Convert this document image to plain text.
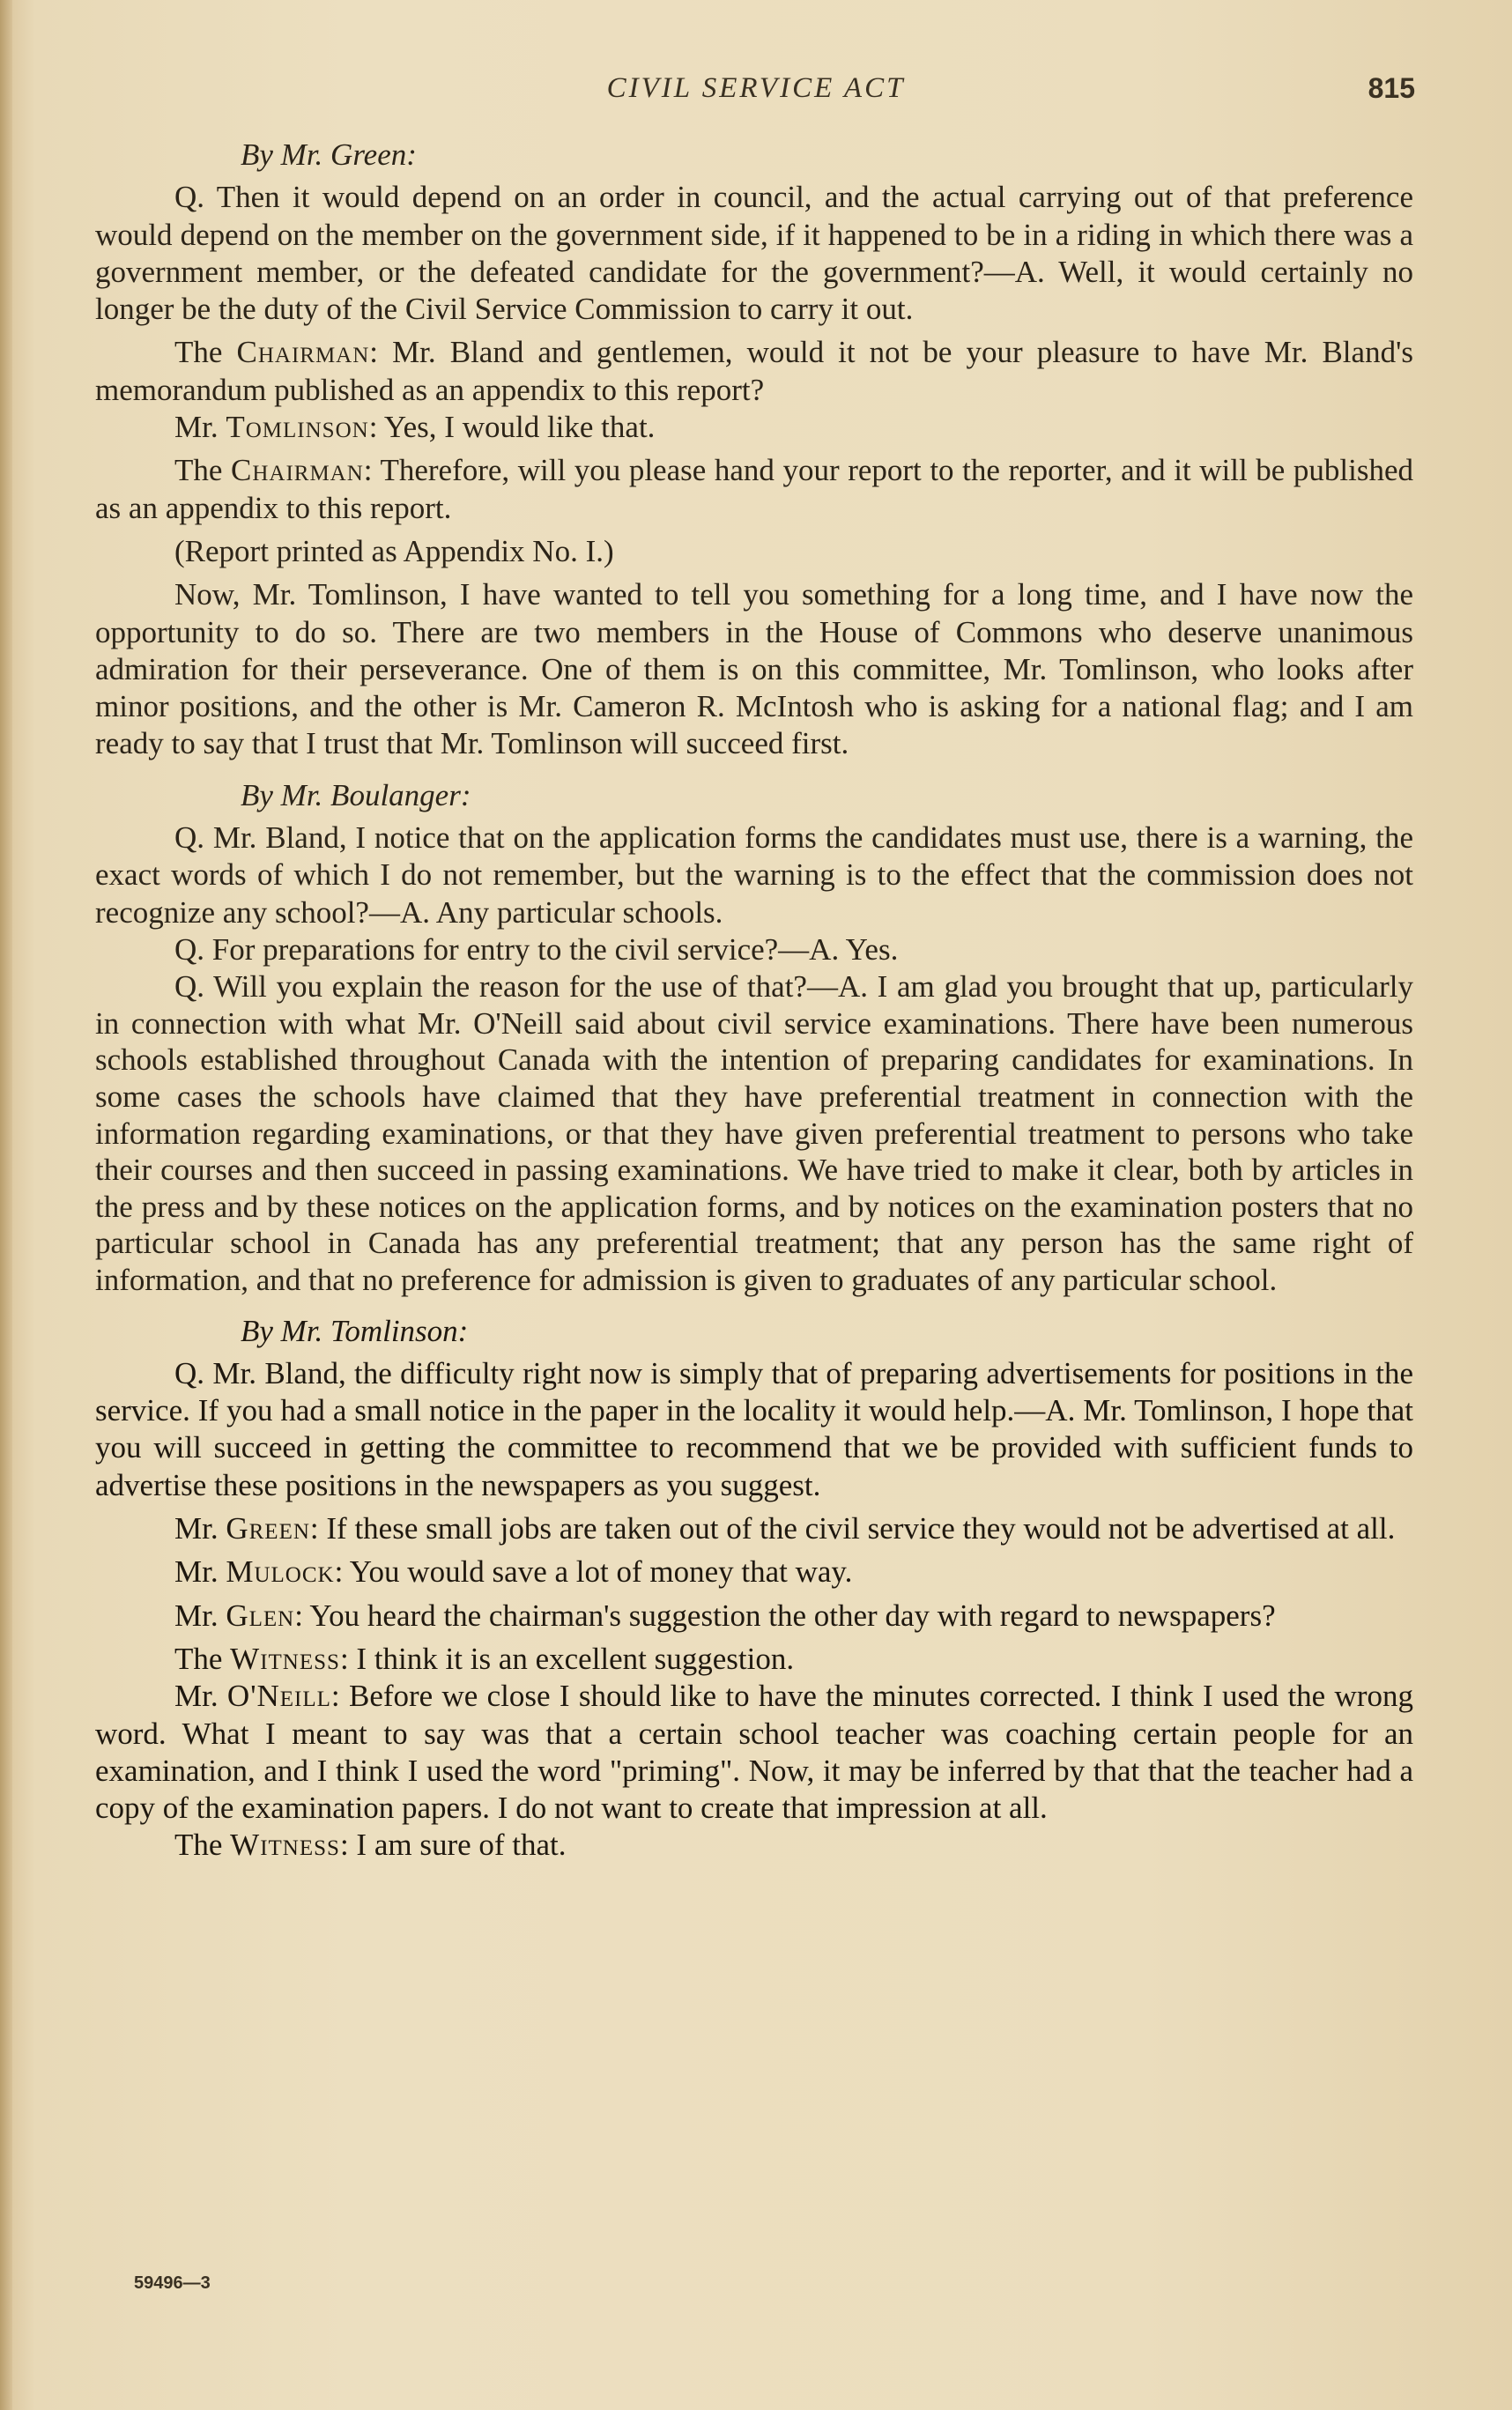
CIVIL SERVICE ACT	815

By Mr. Green:

Q. Then it would depend on an order in council, and the actual carrying out of that preference would depend on the member on the government side, if it happened to be in a riding in which there was a government member, or the defeated candidate for the government?—A. Well, it would certainly no longer be the duty of the Civil Service Commission to carry it out.

The Chairman: Mr. Bland and gentlemen, would it not be your pleasure to have Mr. Bland's memorandum published as an appendix to this report?

Mr. Tomlinson: Yes, I would like that.

The Chairman: Therefore, will you please hand your report to the reporter, and it will be published as an appendix to this report.

(Report printed as Appendix No. I.)

Now, Mr. Tomlinson, I have wanted to tell you something for a long time, and I have now the opportunity to do so. There are two members in the House of Commons who deserve unanimous admiration for their perseverance. One of them is on this committee, Mr. Tomlinson, who looks after minor positions, and the other is Mr. Cameron R. McIntosh who is asking for a national flag; and I am ready to say that I trust that Mr. Tomlinson will succeed first.

By Mr. Boulanger:

Q. Mr. Bland, I notice that on the application forms the candidates must use, there is a warning, the exact words of which I do not remember, but the warning is to the effect that the commission does not recognize any school?—A. Any particular schools.

Q. For preparations for entry to the civil service?—A. Yes.

Q. Will you explain the reason for the use of that?—A. I am glad you brought that up, particularly in connection with what Mr. O'Neill said about civil service examinations. There have been numerous schools established throughout Canada with the intention of preparing candidates for examinations. In some cases the schools have claimed that they have preferential treatment in connection with the information regarding examinations, or that they have given preferential treatment to persons who take their courses and then succeed in passing examinations. We have tried to make it clear, both by articles in the press and by these notices on the application forms, and by notices on the examination posters that no particular school in Canada has any preferential treatment; that any person has the same right of information, and that no preference for admission is given to graduates of any particular school.

By Mr. Tomlinson:

Q. Mr. Bland, the difficulty right now is simply that of preparing advertisements for positions in the service. If you had a small notice in the paper in the locality it would help.—A. Mr. Tomlinson, I hope that you will succeed in getting the committee to recommend that we be provided with sufficient funds to advertise these positions in the newspapers as you suggest.

Mr. Green: If these small jobs are taken out of the civil service they would not be advertised at all.

Mr. Mulock: You would save a lot of money that way.

Mr. Glen: You heard the chairman's suggestion the other day with regard to newspapers?

The Witness: I think it is an excellent suggestion.

Mr. O'Neill: Before we close I should like to have the minutes corrected. I think I used the wrong word. What I meant to say was that a certain school teacher was coaching certain people for an examination, and I think I used the word "priming". Now, it may be inferred by that that the teacher had a copy of the examination papers. I do not want to create that impression at all.

The Witness: I am sure of that.

59496—3
